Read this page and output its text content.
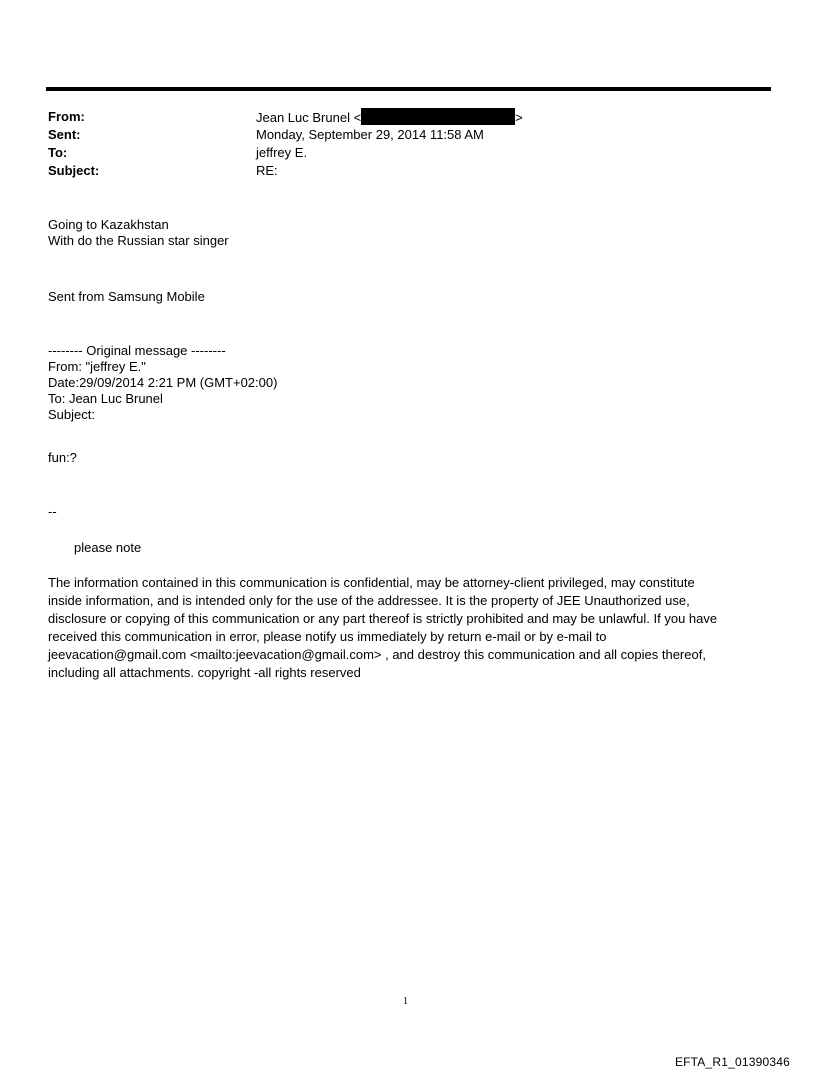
From:	Jean Luc Brunel <	>
Sent:	Monday, September 29, 2014 11:58 AM
To:	jeffrey E.
Subject:	RE:
Going to Kazakhstan
With do the Russian star singer
Sent from Samsung Mobile
-------- Original message --------
From: "jeffrey E."
Date:29/09/2014 2:21 PM (GMT+02:00)
To: Jean Luc Brunel
Subject:
fun:?
--
please note
The information contained in this communication is confidential, may be attorney-client privileged, may constitute
inside information, and is intended only for the use of the addressee. It is the property of JEE Unauthorized use,
disclosure or copying of this communication or any part thereof is strictly prohibited and may be unlawful. If you have
received this communication in error, please notify us immediately by return e-mail or by e-mail to
jeevacation@gmail.com <mailto:jeevacation@gmail.com> , and destroy this communication and all copies thereof,
including all attachments. copyright -all rights reserved
1
EFTA_R1_01390346
